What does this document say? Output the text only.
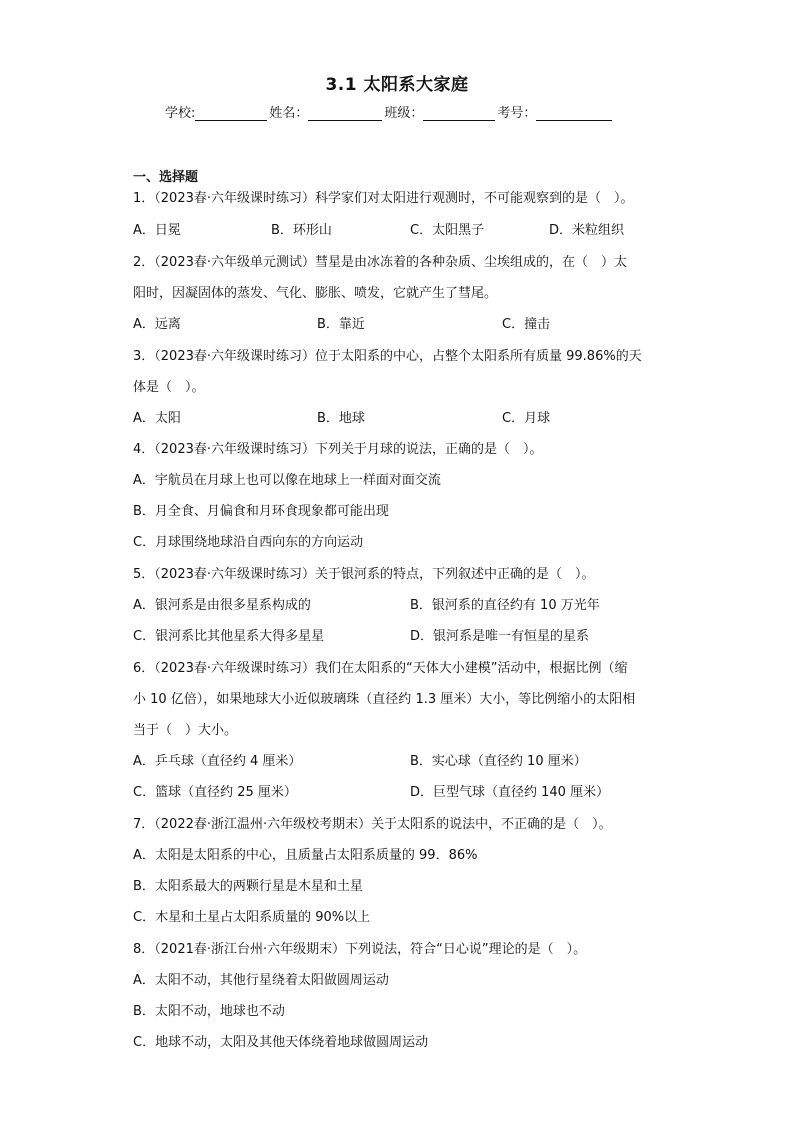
3.1 太阳系大家庭
学校:	姓名：	班级：	考号：
一、选择题
1．（2023春·六年级课时练习）科学家们对太阳进行观测时，不可能观察到的是（　）。
A．日冕	B．环形山	C．太阳黑子	D．米粒组织
2．（2023春·六年级单元测试）彗星是由冰冻着的各种杂质、尘埃组成的，在（　）太
阳时，因凝固体的蒸发、气化、膨胀、喷发，它就产生了彗尾。
A．远离	B．靠近	C．撞击
3．（2023春·六年级课时练习）位于太阳系的中心，占整个太阳系所有质量 99.86%的天
体是（　）。
A．太阳	B．地球	C．月球
4．（2023春·六年级课时练习）下列关于月球的说法，正确的是（　）。
A．宇航员在月球上也可以像在地球上一样面对面交流
B．月全食、月偏食和月环食现象都可能出现
C．月球围绕地球沿自西向东的方向运动
5．（2023春·六年级课时练习）关于银河系的特点，下列叙述中正确的是（　）。
A．银河系是由很多星系构成的	B．银河系的直径约有 10 万光年
C．银河系比其他星系大得多星星	D．银河系是唯一有恒星的星系
6．（2023春·六年级课时练习）我们在太阳系的“天体大小建模”活动中，根据比例（缩
小 10 亿倍），如果地球大小近似玻璃珠（直径约 1.3 厘米）大小，等比例缩小的太阳相
当于（　）大小。
A．乒乓球（直径约 4 厘米）	B．实心球（直径约 10 厘米）
C．篮球（直径约 25 厘米）	D．巨型气球（直径约 140 厘米）
7．（2022春·浙江温州·六年级校考期末）关于太阳系的说法中，不正确的是（　）。
A．太阳是太阳系的中心，且质量占太阳系质量的 99．86%
B．太阳系最大的两颗行星是木星和土星
C．木星和土星占太阳系质量的 90%以上
8．（2021春·浙江台州·六年级期末）下列说法，符合“日心说”理论的是（　）。
A．太阳不动，其他行星绕着太阳做圆周运动
B．太阳不动，地球也不动
C．地球不动，太阳及其他天体绕着地球做圆周运动
